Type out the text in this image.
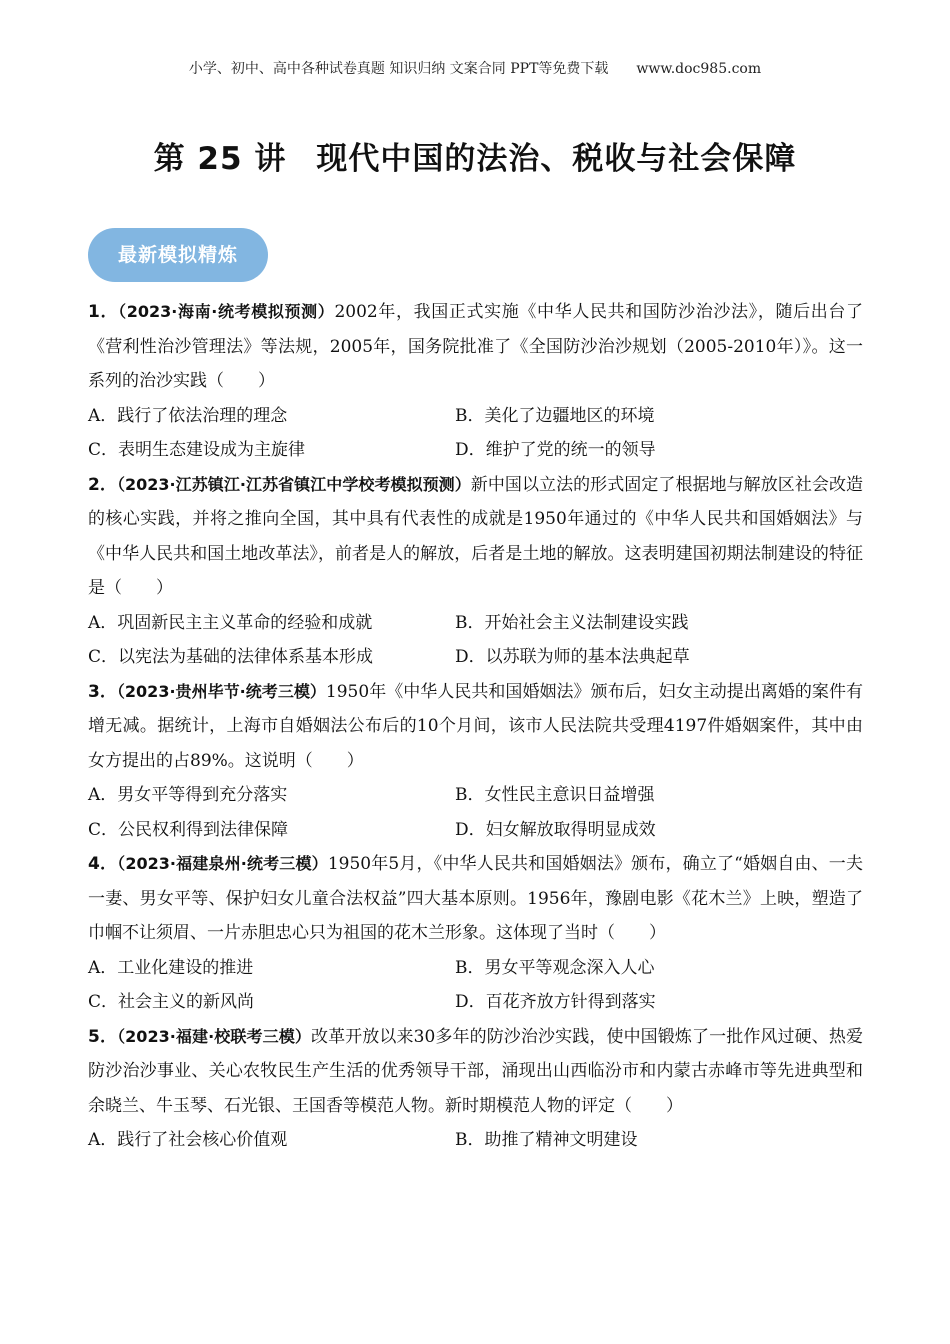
小学、初中、高中各种试卷真题 知识归纳 文案合同 PPT等免费下载 www.doc985.com
第 25 讲 现代中国的法治、税收与社会保障
最新模拟精炼

1．（2023·海南·统考模拟预测）2002年，我国正式实施《中华人民共和国防沙治沙法》，随后出台了《营利性治沙管理法》等法规，2005年，国务院批准了《全国防沙治沙规划（2005-2010年）》。这一系列的治沙实践（　　）

A．践行了依法治理的理念	B．美化了边疆地区的环境
C．表明生态建设成为主旋律	D．维护了党的统一的领导

2．（2023·江苏镇江·江苏省镇江中学校考模拟预测）新中国以立法的形式固定了根据地与解放区社会改造的核心实践，并将之推向全国，其中具有代表性的成就是1950年通过的《中华人民共和国婚姻法》与《中华人民共和国土地改革法》，前者是人的解放，后者是土地的解放。这表明建国初期法制建设的特征是（　　）

A．巩固新民主主义革命的经验和成就	B．开始社会主义法制建设实践
C．以宪法为基础的法律体系基本形成	D．以苏联为师的基本法典起草

3．（2023·贵州毕节·统考三模）1950年《中华人民共和国婚姻法》颁布后，妇女主动提出离婚的案件有增无减。据统计，上海市自婚姻法公布后的10个月间，该市人民法院共受理4197件婚姻案件，其中由女方提出的占89%。这说明（　　）

A．男女平等得到充分落实	B．女性民主意识日益增强
C．公民权利得到法律保障	D．妇女解放取得明显成效

4．（2023·福建泉州·统考三模）1950年5月，《中华人民共和国婚姻法》颁布，确立了“婚姻自由、一夫一妻、男女平等、保护妇女儿童合法权益”四大基本原则。1956年，豫剧电影《花木兰》上映，塑造了巾帼不让须眉、一片赤胆忠心只为祖国的花木兰形象。这体现了当时（　　）

A．工业化建设的推进	B．男女平等观念深入人心
C．社会主义的新风尚	D．百花齐放方针得到落实

5．（2023·福建·校联考三模）改革开放以来30多年的防沙治沙实践，使中国锻炼了一批作风过硬、热爱防沙治沙事业、关心农牧民生产生活的优秀领导干部，涌现出山西临汾市和内蒙古赤峰市等先进典型和余晓兰、牛玉琴、石光银、王国香等模范人物。新时期模范人物的评定（　　）

A．践行了社会核心价值观	B．助推了精神文明建设
